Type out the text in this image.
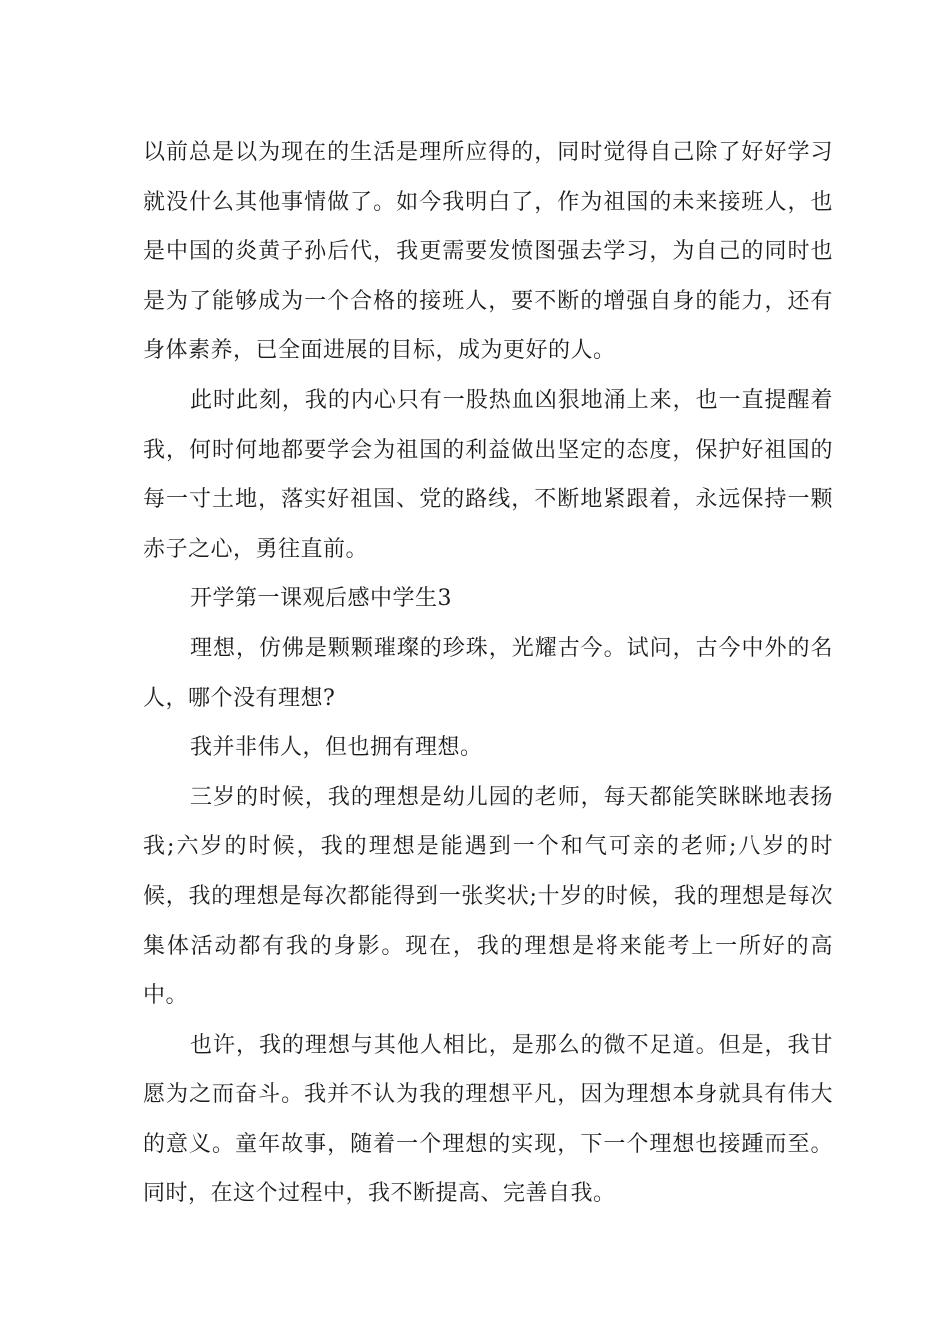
以前总是以为现在的生活是理所应得的，同时觉得自己除了好好学习就没什么其他事情做了。如今我明白了，作为祖国的未来接班人，也是中国的炎黄子孙后代，我更需要发愤图强去学习，为自己的同时也是为了能够成为一个合格的接班人，要不断的增强自身的能力，还有身体素养，已全面进展的目标，成为更好的人。

此时此刻，我的内心只有一股热血凶狠地涌上来，也一直提醒着我，何时何地都要学会为祖国的利益做出坚定的态度，保护好祖国的每一寸土地，落实好祖国、党的路线，不断地紧跟着，永远保持一颗赤子之心，勇往直前。

开学第一课观后感中学生3

理想，仿佛是颗颗璀璨的珍珠，光耀古今。试问，古今中外的名人，哪个没有理想?

我并非伟人，但也拥有理想。

三岁的时候，我的理想是幼儿园的老师，每天都能笑眯眯地表扬我;六岁的时候，我的理想是能遇到一个和气可亲的老师;八岁的时候，我的理想是每次都能得到一张奖状;十岁的时候，我的理想是每次集体活动都有我的身影。现在，我的理想是将来能考上一所好的高中。

也许，我的理想与其他人相比，是那么的微不足道。但是，我甘愿为之而奋斗。我并不认为我的理想平凡，因为理想本身就具有伟大的意义。童年故事，随着一个理想的实现，下一个理想也接踵而至。同时，在这个过程中，我不断提高、完善自我。
